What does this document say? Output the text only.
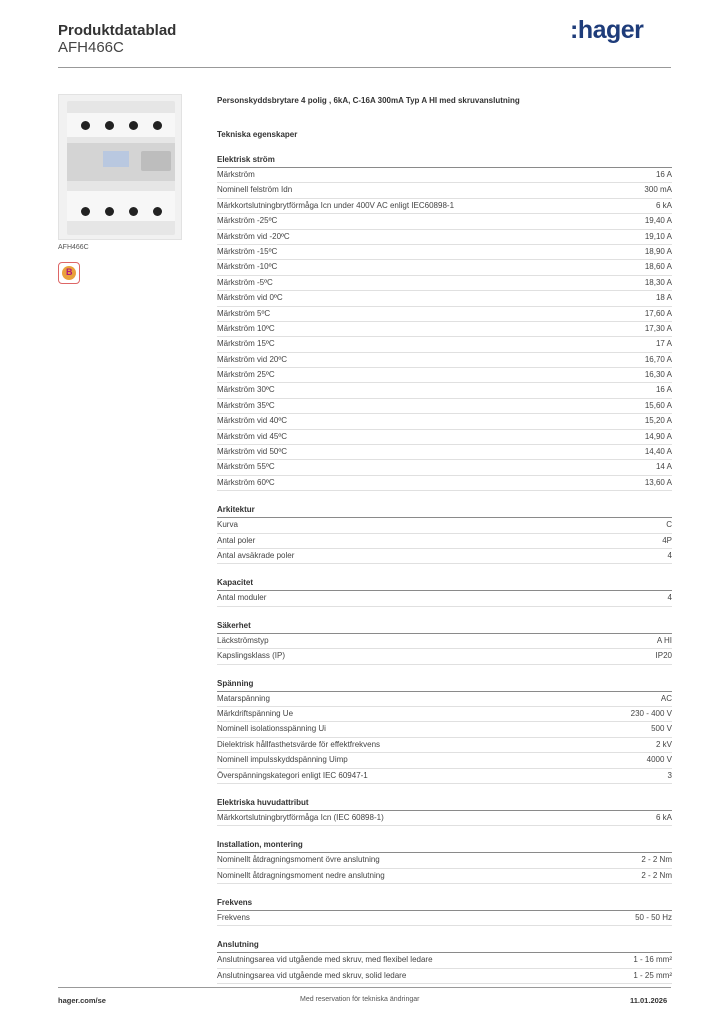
Produktdatablad
AFH466C
:hager
AFH466C
B
Personskyddsbrytare 4 polig , 6kA, C-16A 300mA Typ A HI med skruvanslutning
Tekniska egenskaper
Elektrisk ström
Märkström	16 A
Nominell felström Idn	300 mA
Märkkortslutningbrytförmåga Icn under 400V AC enligt IEC60898-1	6 kA
Märkström -25ºC	19,40 A
Märkström vid -20ºC	19,10 A
Märkström -15ºC	18,90 A
Märkström -10ºC	18,60 A
Märkström -5ºC	18,30 A
Märkström vid 0ºC	18 A
Märkström 5ºC	17,60 A
Märkström 10ºC	17,30 A
Märkström 15ºC	17 A
Märkström vid 20ºC	16,70 A
Märkström 25ºC	16,30 A
Märkström 30ºC	16 A
Märkström 35ºC	15,60 A
Märkström vid 40ºC	15,20 A
Märkström vid 45ºC	14,90 A
Märkström vid 50ºC	14,40 A
Märkström 55ºC	14 A
Märkström 60ºC	13,60 A
Arkitektur
Kurva	C
Antal poler	4P
Antal avsäkrade poler	4
Kapacitet
Antal moduler	4
Säkerhet
Läckströmstyp	A HI
Kapslingsklass (IP)	IP20
Spänning
Matarspänning	AC
Märkdriftspänning Ue	230 - 400 V
Nominell isolationsspänning Ui	500 V
Dielektrisk hållfasthetsvärde för effektfrekvens	2 kV
Nominell impulsskyddspänning Uimp	4000 V
Överspänningskategori enligt IEC 60947-1	3
Elektriska huvudattribut
Märkkortslutningbrytförmåga Icn (IEC 60898-1)	6 kA
Installation, montering
Nominellt åtdragningsmoment övre anslutning	2 - 2 Nm
Nominellt åtdragningsmoment nedre anslutning	2 - 2 Nm
Frekvens
Frekvens	50 - 50 Hz
Anslutning
Anslutningsarea vid utgående med skruv, med flexibel ledare	1 - 16 mm²
Anslutningsarea vid utgående med skruv, solid ledare	1 - 25 mm²
hager.com/se	Med reservation för tekniska ändringar	11.01.2026
